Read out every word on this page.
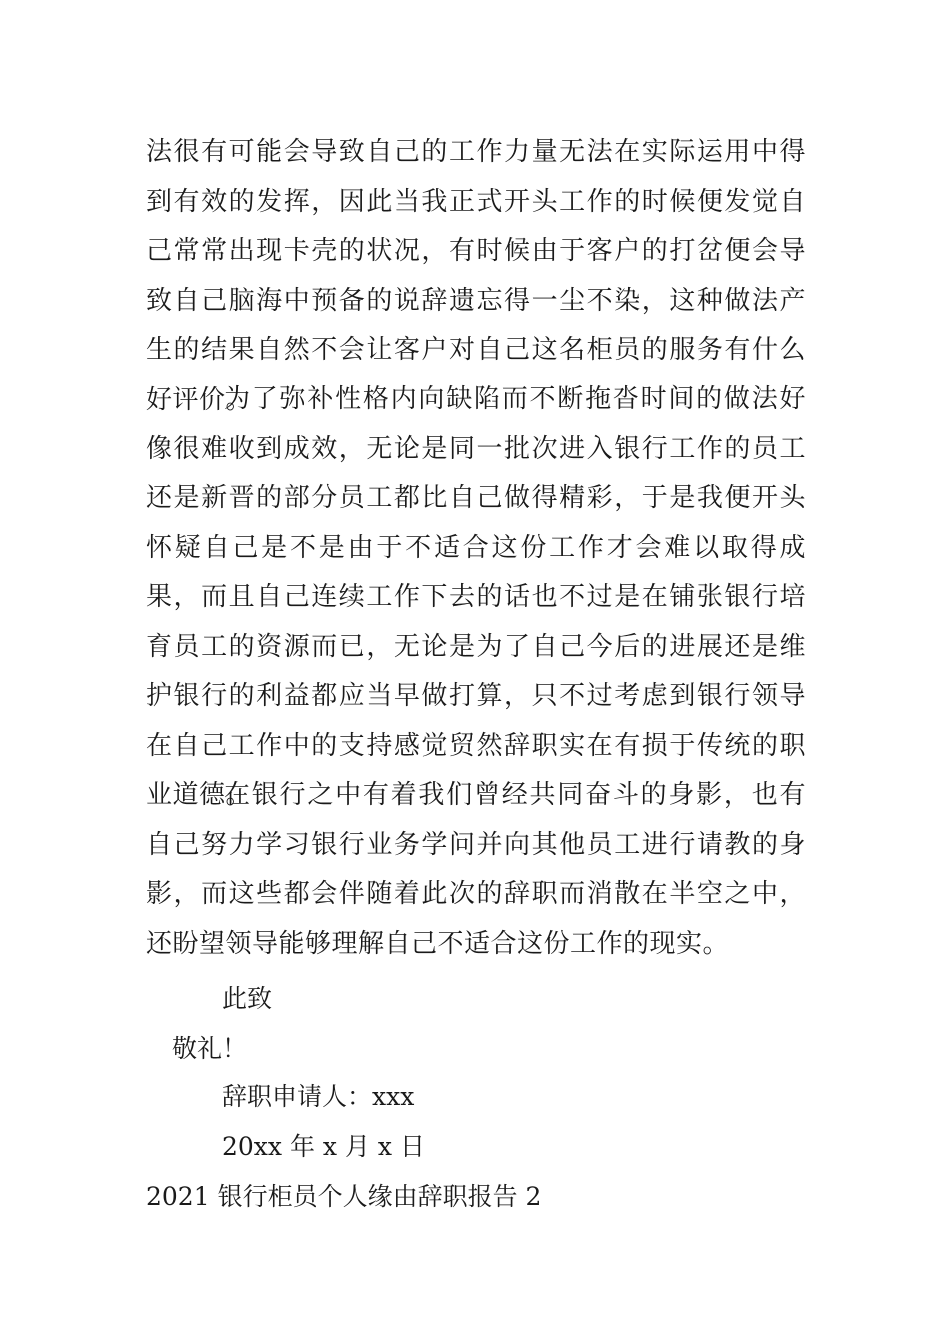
法很有可能会导致自己的工作力量无法在实际运用中得到有效的发挥，因此当我正式开头工作的时候便发觉自己常常出现卡壳的状况，有时候由于客户的打岔便会导致自己脑海中预备的说辞遗忘得一尘不染，这种做法产生的结果自然不会让客户对自己这名柜员的服务有什么好评价。

为了弥补性格内向缺陷而不断拖沓时间的做法好像很难收到成效，无论是同一批次进入银行工作的员工还是新晋的部分员工都比自己做得精彩，于是我便开头怀疑自己是不是由于不适合这份工作才会难以取得成果，而且自己连续工作下去的话也不过是在铺张银行培育员工的资源而已，无论是为了自己今后的进展还是维护银行的利益都应当早做打算，只不过考虑到银行领导在自己工作中的支持感觉贸然辞职实在有损于传统的职业道德。

在银行之中有着我们曾经共同奋斗的身影，也有自己努力学习银行业务学问并向其他员工进行请教的身影，而这些都会伴随着此次的辞职而消散在半空之中，还盼望领导能够理解自己不适合这份工作的现实。

此致

敬礼！

辞职申请人：xxx

20xx 年 x 月 x 日

2021 银行柜员个人缘由辞职报告 2
